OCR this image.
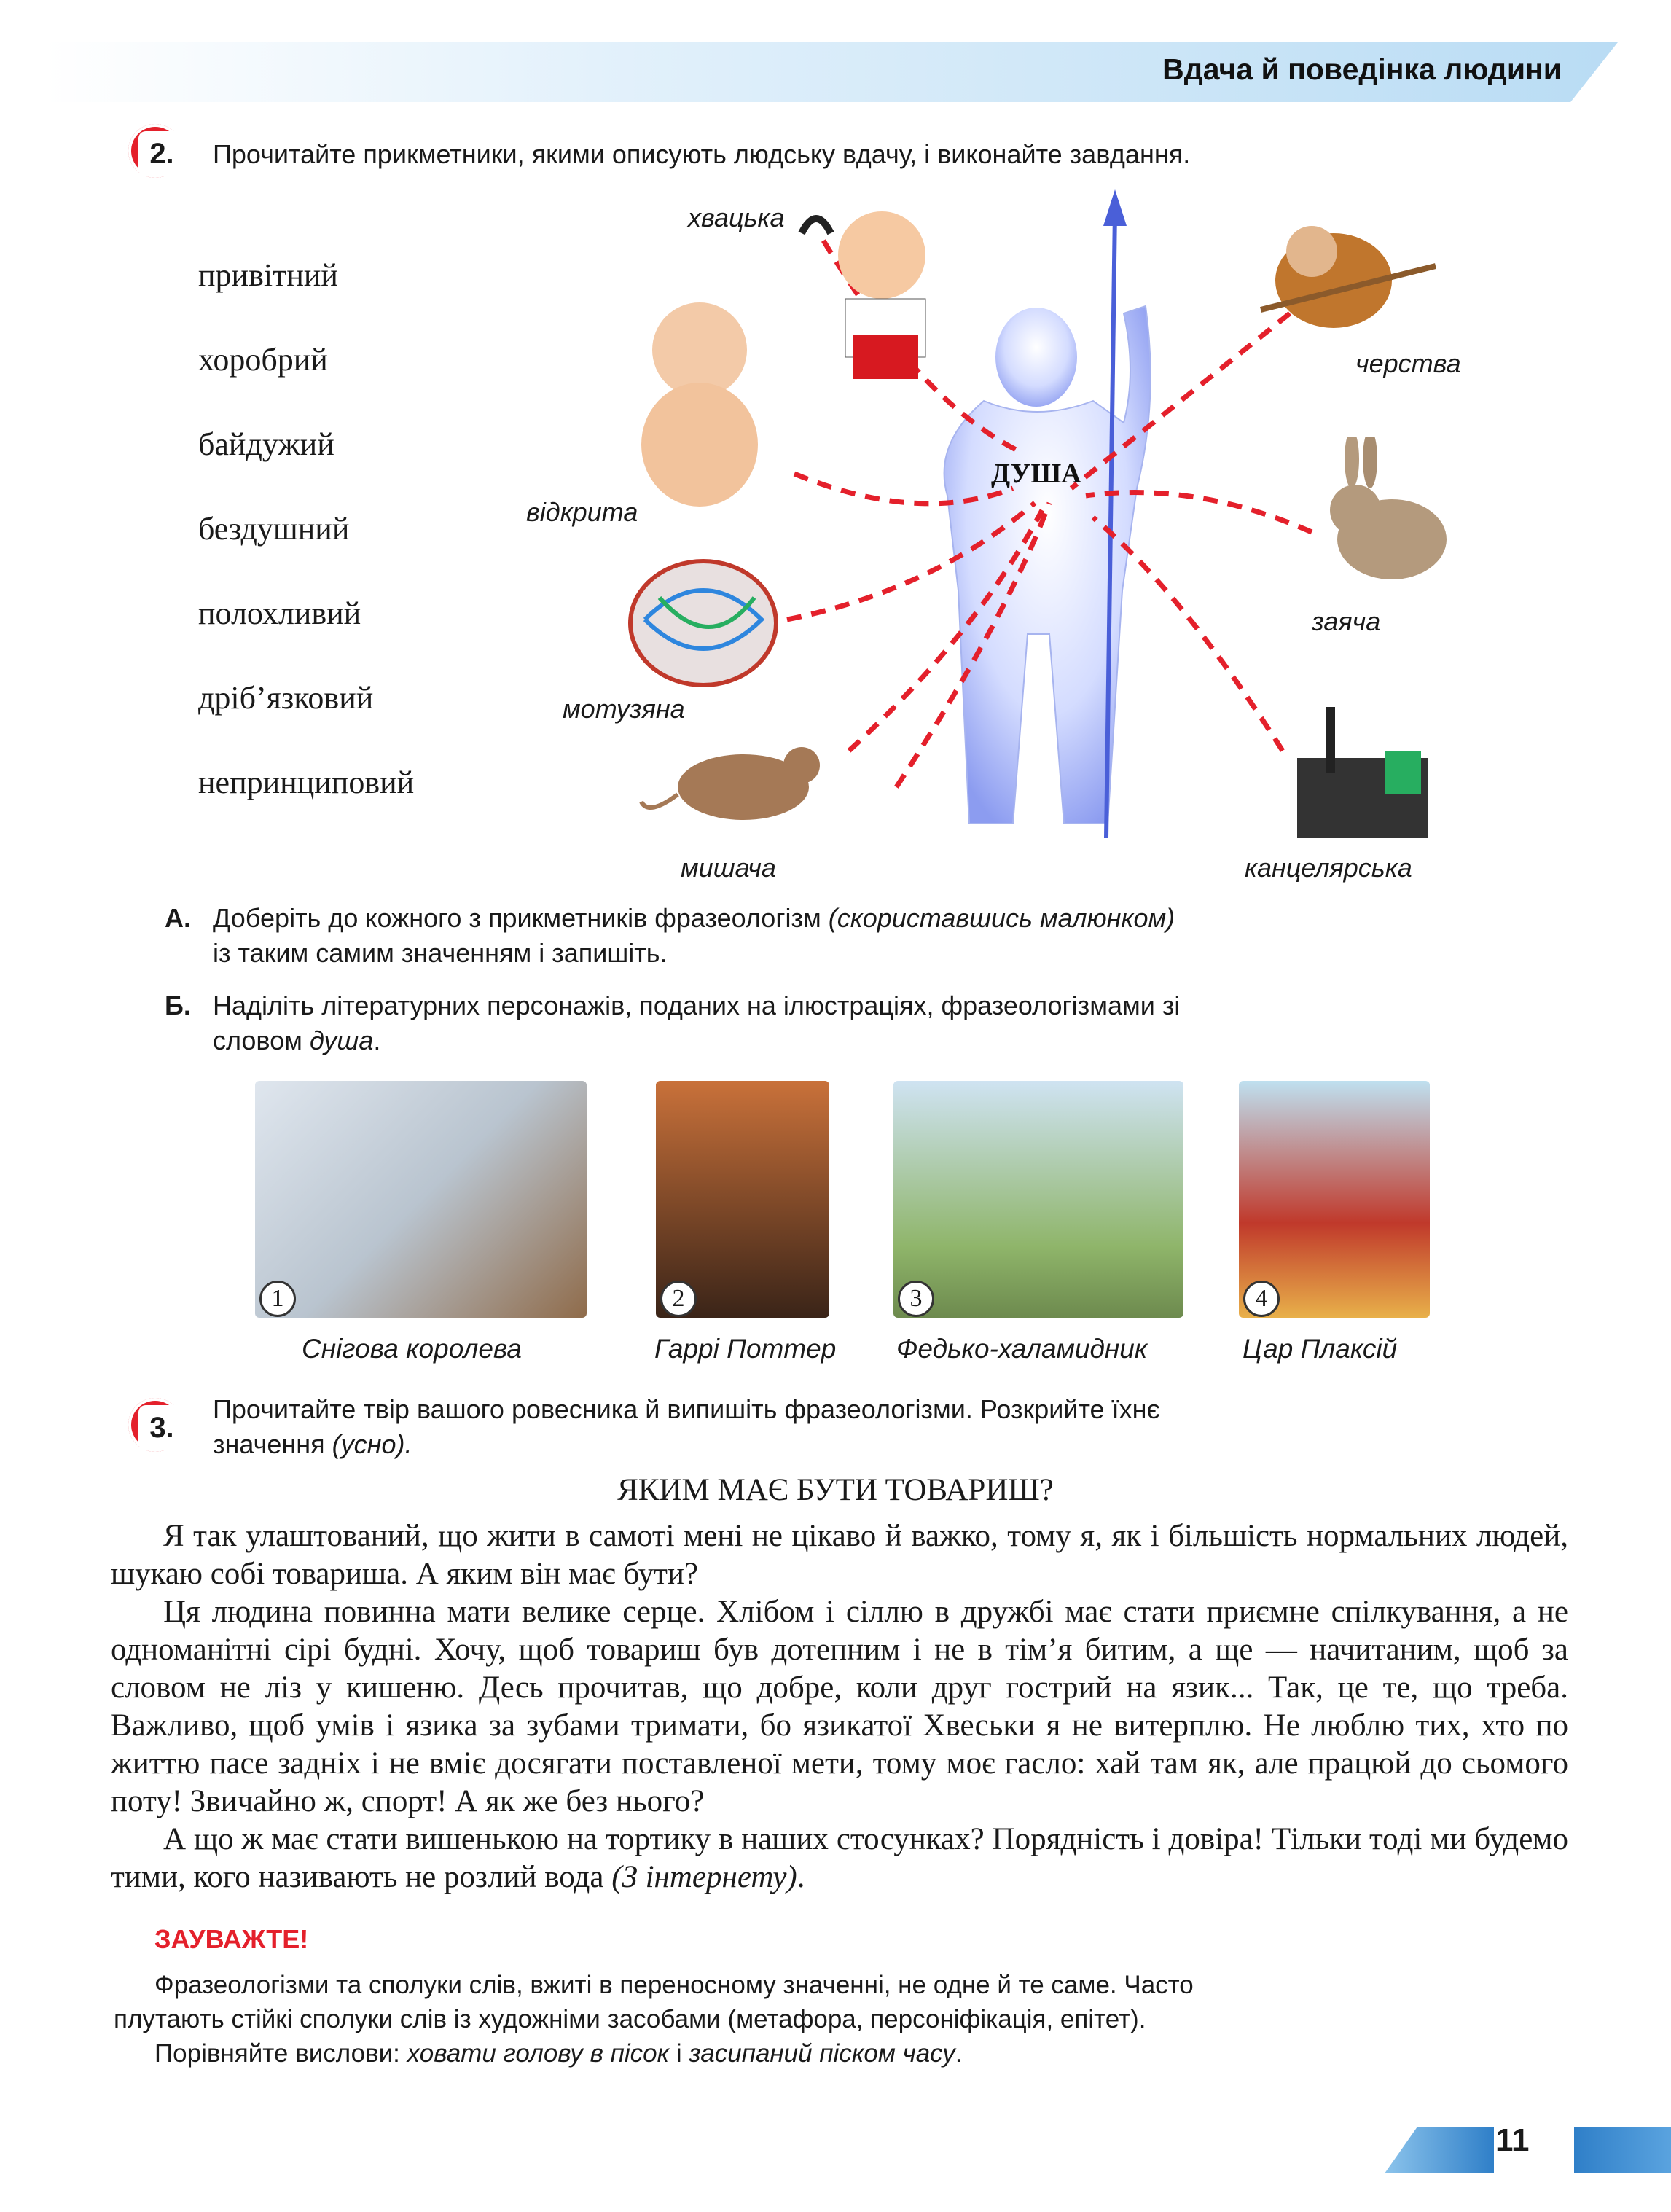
Вдача й поведінка людини
2.	Прочитайте прикметники, якими описують людську вдачу, і виконайте завдання.
привітний
хоробрий
байдужий
бездушний
полохливий
дріб’язковий
непринциповий
ДУША
хвацька
черства
відкрита
заяча
мотузяна
мишача	канцелярська
А. Доберіть до кожного з прикметників фразеологізм (скориставшись малюнком)
із таким самим значенням і запишіть.
Б. Наділіть літературних персонажів, поданих на ілюстраціях, фразеологізмами зі
словом душа.
1	2	3	4
Снігова королева	Гаррі Поттер Федько-халамидник	Цар Плаксій
3.
Прочитайте твір вашого ровесника й випишіть фразеологізми. Розкрийте їхнє
значення (усно).
ЯКИМ МАЄ БУТИ ТОВАРИШ?

Я так улаштований, що жити в самоті мені не цікаво й важко, тому я, як і більшість нормальних людей, шукаю собі товариша. А яким він має бути?

Ця людина повинна мати велике серце. Хлібом і сіллю в дружбі має стати приємне спілкування, а не одноманітні сірі будні. Хочу, щоб товариш був дотепним і не в тім’я битим, а ще — начитаним, щоб за словом не ліз у кишеню. Десь прочитав, що добре, коли друг гострий на язик... Так, це те, що треба. Важливо, щоб умів і язика за зубами тримати, бо язикатої Хвеськи я не витерплю. Не люблю тих, хто по життю пасе задніх і не вміє досягати поставленої мети, тому моє гасло: хай там як, але працюй до сьомого поту! Звичайно ж, спорт! А як же без нього?

А що ж має стати вишенькою на тортику в наших стосунках? Порядність і довіра! Тільки тоді ми будемо тими, кого називають не розлий вода (З інтернету).

ЗАУВАЖТЕ!
Фразеологізми та сполуки слів, вжиті в переносному значенні, не одне й те саме. Часто
плутають стійкі сполуки слів із художніми засобами (метафора, персоніфікація, епітет).
Порівняйте вислови: ховати голову в пісок і засипаний піском часу.
11
